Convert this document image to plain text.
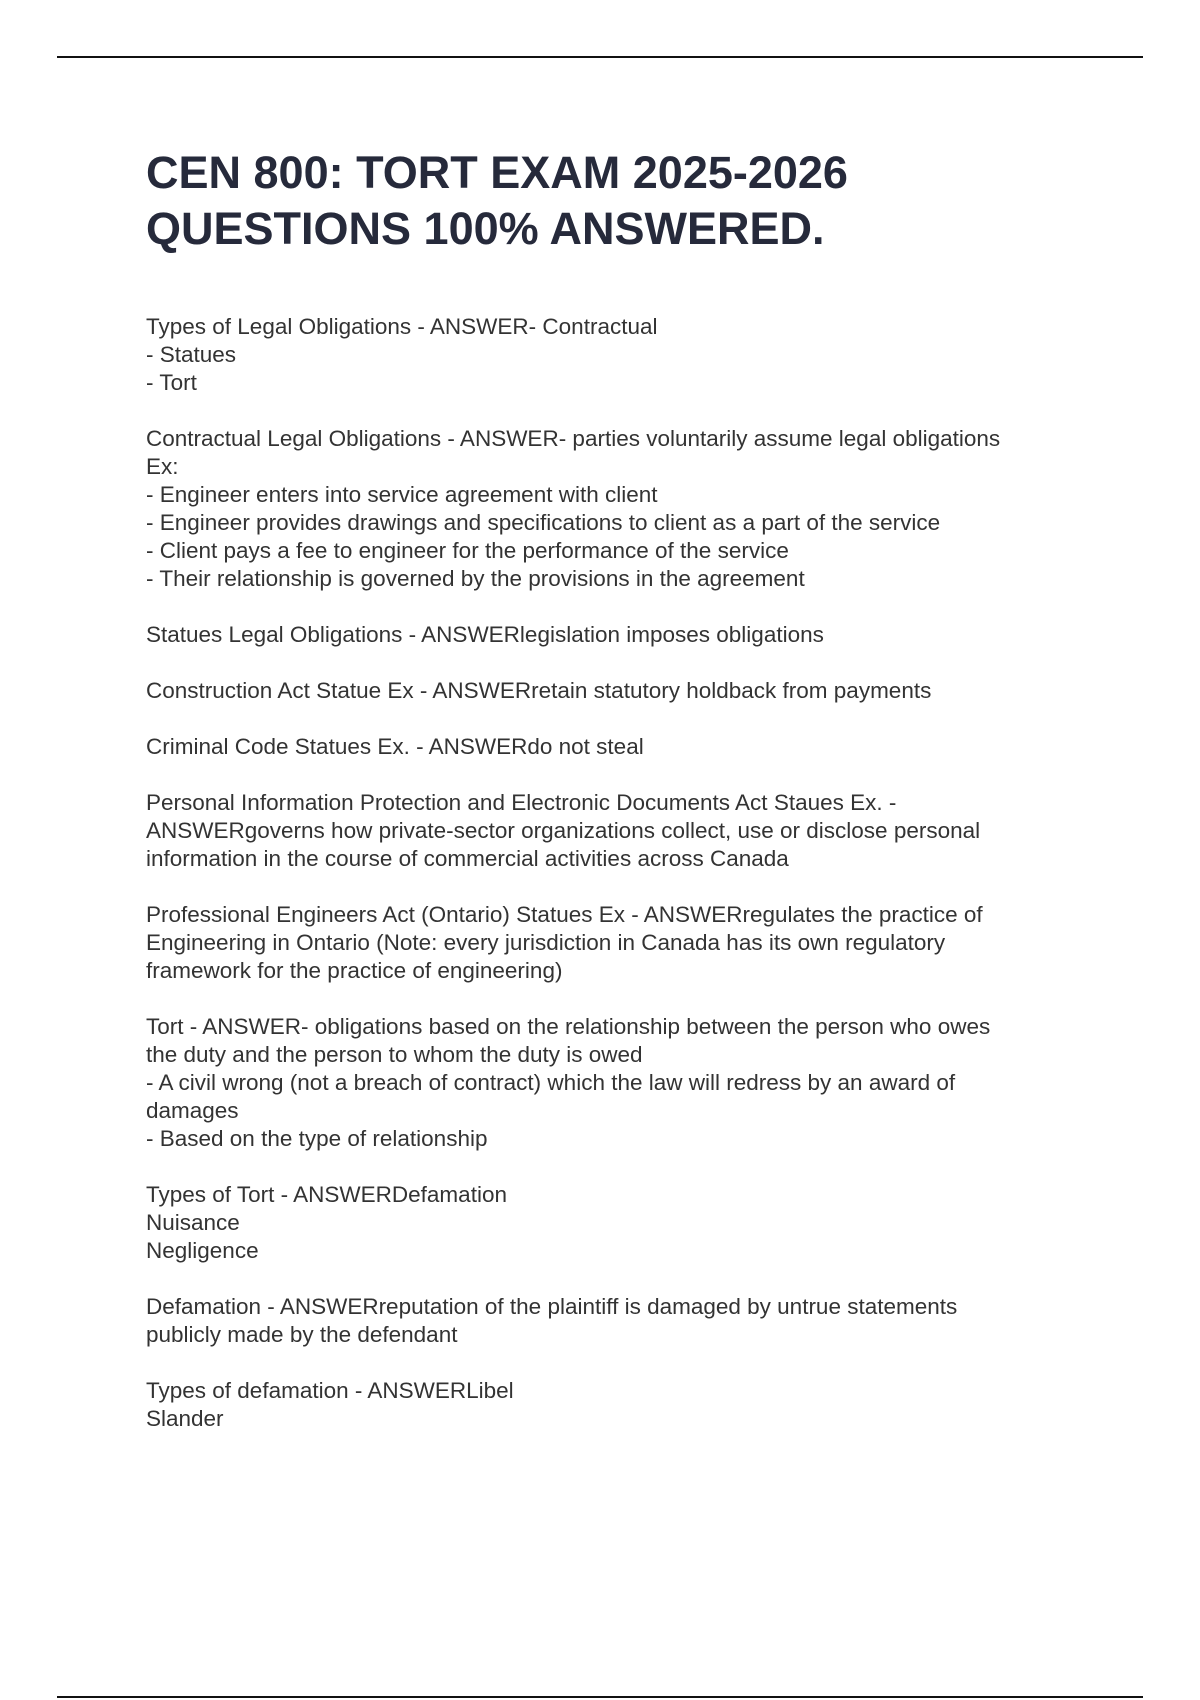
CEN 800: TORT EXAM 2025-2026
QUESTIONS 100% ANSWERED.
Types of Legal Obligations - ANSWER- Contractual
- Statues
- Tort
Contractual Legal Obligations - ANSWER- parties voluntarily assume legal obligations
Ex:
- Engineer enters into service agreement with client
- Engineer provides drawings and specifications to client as a part of the service
- Client pays a fee to engineer for the performance of the service
- Their relationship is governed by the provisions in the agreement
Statues Legal Obligations - ANSWERlegislation imposes obligations
Construction Act Statue Ex - ANSWERretain statutory holdback from payments
Criminal Code Statues Ex. - ANSWERdo not steal
Personal Information Protection and Electronic Documents Act Staues Ex. -
ANSWERgoverns how private-sector organizations collect, use or disclose personal
information in the course of commercial activities across Canada
Professional Engineers Act (Ontario) Statues Ex - ANSWERregulates the practice of
Engineering in Ontario (Note: every jurisdiction in Canada has its own regulatory
framework for the practice of engineering)
Tort - ANSWER- obligations based on the relationship between the person who owes
the duty and the person to whom the duty is owed
- A civil wrong (not a breach of contract) which the law will redress by an award of
damages
- Based on the type of relationship
Types of Tort - ANSWERDefamation
Nuisance
Negligence
Defamation - ANSWERreputation of the plaintiff is damaged by untrue statements
publicly made by the defendant
Types of defamation - ANSWERLibel
Slander
